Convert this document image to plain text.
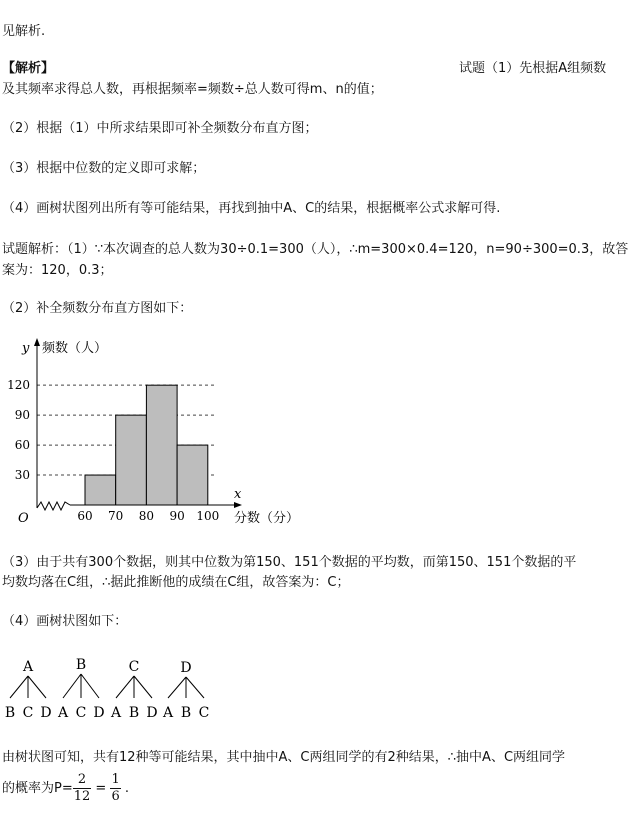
见解析.
【解析】	试题（1）先根据A组频数
及其频率求得总人数，再根据频率=频数÷总人数可得m、n的值；
（2）根据（1）中所求结果即可补全频数分布直方图；
（3）根据中位数的定义即可求解；
（4）画树状图列出所有等可能结果，再找到抽中A、C的结果，根据概率公式求解可得.
试题解析：（1）∵本次调查的总人数为30÷0.1=300（人），∴m=300×0.4=120，n=90÷300=0.3，故答
案为：120，0.3；
（2）补全频数分布直方图如下：
y 频数（人）
x
分数（分）
O
30
60
90
120
60 70 80 90 100
（3）由于共有300个数据，则其中位数为第150、151个数据的平均数，而第150、151个数据的平
均数均落在C组，∴据此推断他的成绩在C组，故答案为：C；
（4）画树状图如下：
A
B C D
B
A C D
C
A B D
D
A B C
由树状图可知，共有12种等可能结果，其中抽中A、C两组同学的有2种结果，∴抽中A、C两组同学
的概率为$P= \frac{2}{12} = \frac{1}{6}$ .
